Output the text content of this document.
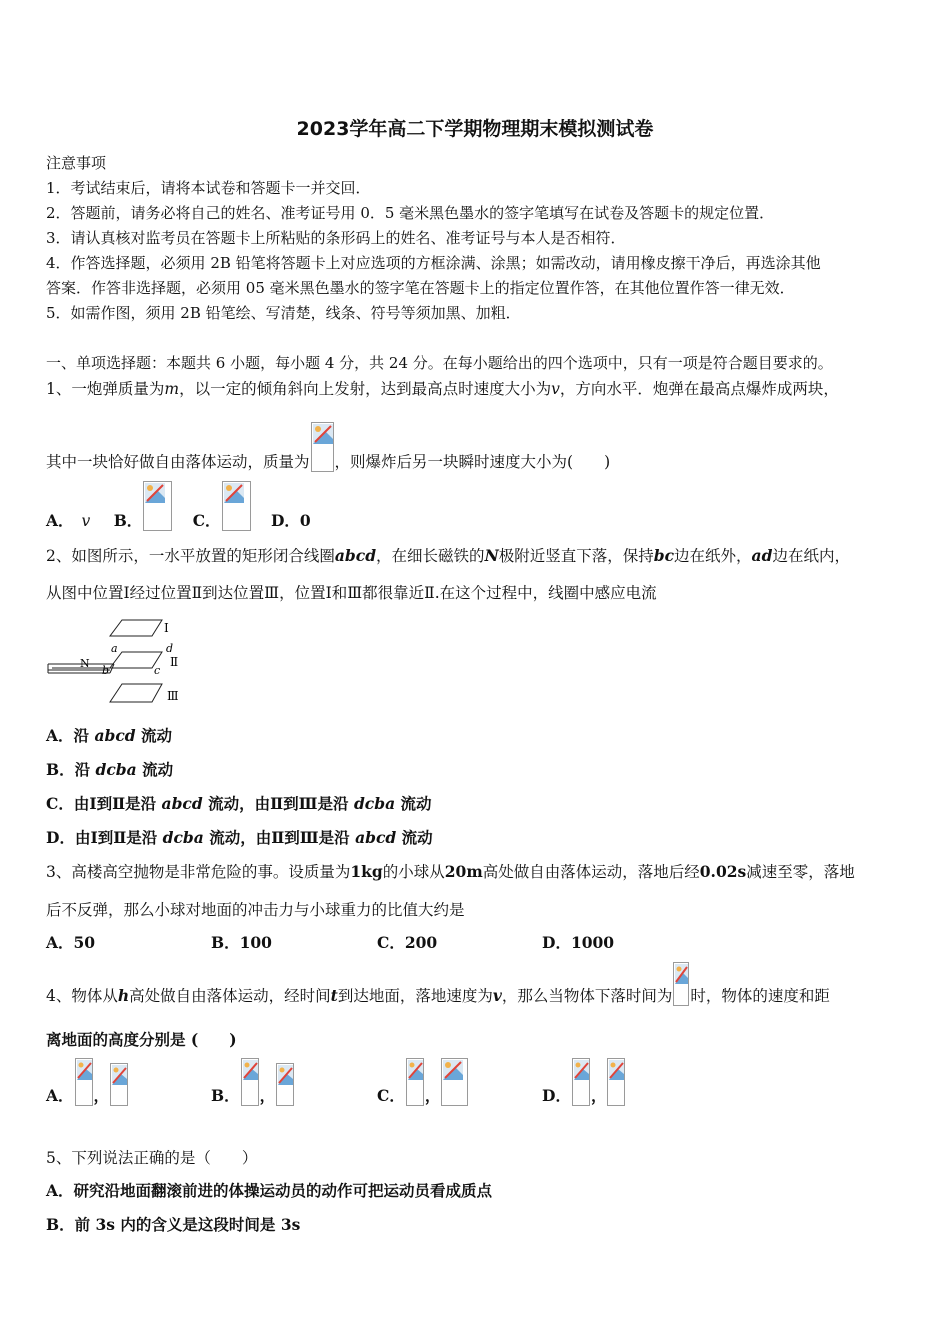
2023学年高二下学期物理期末模拟测试卷
注意事项
1．考试结束后，请将本试卷和答题卡一并交回．
2．答题前，请务必将自己的姓名、准考证号用 0．5 毫米黑色墨水的签字笔填写在试卷及答题卡的规定位置．
3．请认真核对监考员在答题卡上所粘贴的条形码上的姓名、准考证号与本人是否相符．
4．作答选择题，必须用 2B 铅笔将答题卡上对应选项的方框涂满、涂黑；如需改动，请用橡皮擦干净后，再选涂其他
答案．作答非选择题，必须用 05 毫米黑色墨水的签字笔在答题卡上的指定位置作答，在其他位置作答一律无效．
5．如需作图，须用 2B 铅笔绘、写清楚，线条、符号等须加黑、加粗．
一、单项选择题：本题共 6 小题，每小题 4 分，共 24 分。在每小题给出的四个选项中，只有一项是符合题目要求的。
1、一炮弹质量为m，以一定的倾角斜向上发射，达到最高点时速度大小为v，方向水平．炮弹在最高点爆炸成两块，
其中一块恰好做自由落体运动，质量为 ，则爆炸后另一块瞬时速度大小为(　　)
A． v B．	C．	D．0
2、如图所示，一水平放置的矩形闭合线圈abcd，在细长磁铁的N极附近竖直下落，保持bc边在纸外，ad边在纸内，
从图中位置Ⅰ经过位置Ⅱ到达位置Ⅲ，位置Ⅰ和Ⅲ都很靠近Ⅱ.在这个过程中，线圈中感应电流
Ⅰ
Ⅱ
Ⅲ
N
a
b	c
d
A．沿 abcd 流动
B．沿 dcba 流动
C．由Ⅰ到Ⅱ是沿 abcd 流动，由Ⅱ到Ⅲ是沿 dcba 流动
D．由Ⅰ到Ⅱ是沿 dcba 流动，由Ⅱ到Ⅲ是沿 abcd 流动
3、高楼高空抛物是非常危险的事。设质量为1kg的小球从20m高处做自由落体运动，落地后经0.02s减速至零，落地
后不反弹，那么小球对地面的冲击力与小球重力的比值大约是
A．50	B．100	C．200	D．1000
4、物体从h高处做自由落体运动，经时间t到达地面，落地速度为v，那么当物体下落时间为 时，物体的速度和距
离地面的高度分别是 (　　)
A． ，	B． ，	C． ，	D． ，
5、下列说法正确的是（　　）
A．研究沿地面翻滚前进的体操运动员的动作可把运动员看成质点
B．前 3s 内的含义是这段时间是 3s
